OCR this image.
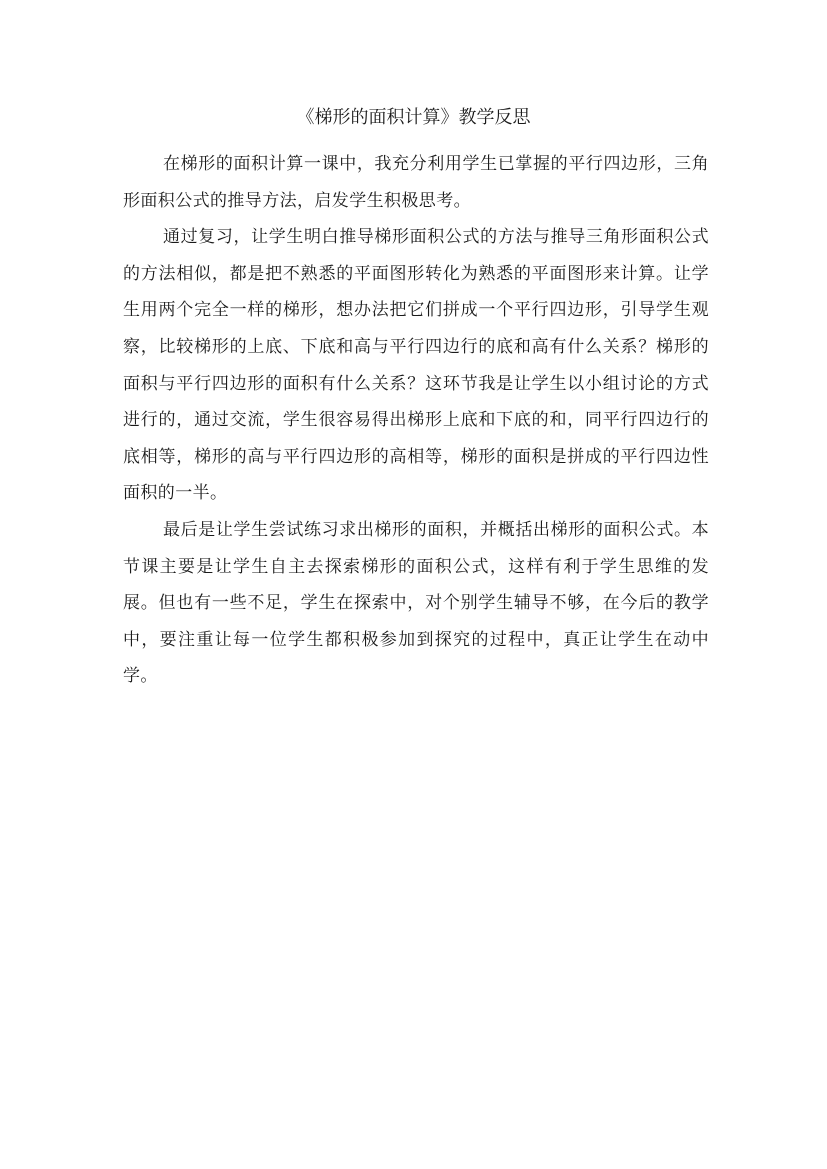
《梯形的面积计算》教学反思

在梯形的面积计算一课中，我充分利用学生已掌握的平行四边形，三角形面积公式的推导方法，启发学生积极思考。

通过复习，让学生明白推导梯形面积公式的方法与推导三角形面积公式的方法相似，都是把不熟悉的平面图形转化为熟悉的平面图形来计算。让学生用两个完全一样的梯形，想办法把它们拼成一个平行四边形，引导学生观察，比较梯形的上底、下底和高与平行四边行的底和高有什么关系？梯形的面积与平行四边形的面积有什么关系？这环节我是让学生以小组讨论的方式进行的，通过交流，学生很容易得出梯形上底和下底的和，同平行四边行的底相等，梯形的高与平行四边形的高相等，梯形的面积是拼成的平行四边性面积的一半。

最后是让学生尝试练习求出梯形的面积，并概括出梯形的面积公式。本节课主要是让学生自主去探索梯形的面积公式，这样有利于学生思维的发展。但也有一些不足，学生在探索中，对个别学生辅导不够，在今后的教学中，要注重让每一位学生都积极参加到探究的过程中，真正让学生在动中学。
